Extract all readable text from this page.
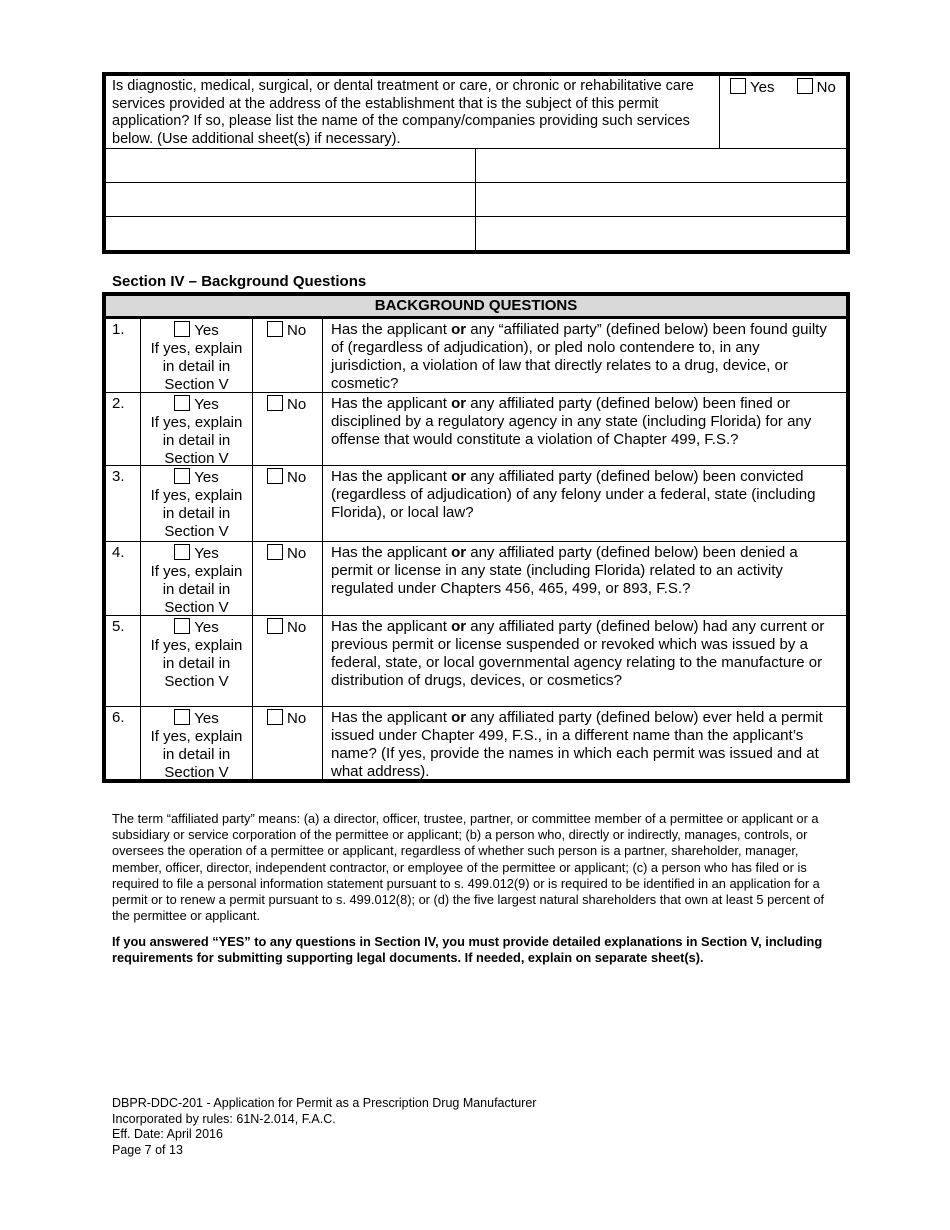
Is diagnostic, medical, surgical, or dental treatment or care, or chronic or rehabilitative care services provided at the address of the establishment that is the subject of this permit application? If so, please list the name of the company/companies providing such services below. (Use additional sheet(s) if necessary).
Yes	No
Section IV – Background Questions
BACKGROUND QUESTIONS
1.	Yes
If yes, explain
in detail in
Section V
No	Has the applicant or any “affiliated party” (defined below) been found guilty of (regardless of adjudication), or pled nolo contendere to, in any jurisdiction, a violation of law that directly relates to a drug, device, or cosmetic?
2.	Yes
If yes, explain
in detail in
Section V
No	Has the applicant or any affiliated party (defined below) been fined or disciplined by a regulatory agency in any state (including Florida) for any offense that would constitute a violation of Chapter 499, F.S.?
3.	Yes
If yes, explain
in detail in
Section V
No	Has the applicant or any affiliated party (defined below) been convicted (regardless of adjudication) of any felony under a federal, state (including Florida), or local law?
4.	Yes
If yes, explain
in detail in
Section V
No	Has the applicant or any affiliated party (defined below) been denied a permit or license in any state (including Florida) related to an activity regulated under Chapters 456, 465, 499, or 893, F.S.?
5.	Yes
If yes, explain
in detail in
Section V
No	Has the applicant or any affiliated party (defined below) had any current or previous permit or license suspended or revoked which was issued by a federal, state, or local governmental agency relating to the manufacture or distribution of drugs, devices, or cosmetics?
6.	Yes
If yes, explain
in detail in
Section V
No	Has the applicant or any affiliated party (defined below) ever held a permit issued under Chapter 499, F.S., in a different name than the applicant’s name? (If yes, provide the names in which each permit was issued and at what address).
The term “affiliated party” means: (a) a director, officer, trustee, partner, or committee member of a permittee or applicant or a subsidiary or service corporation of the permittee or applicant; (b) a person who, directly or indirectly, manages, controls, or oversees the operation of a permittee or applicant, regardless of whether such person is a partner, shareholder, manager, member, officer, director, independent contractor, or employee of the permittee or applicant; (c) a person who has filed or is required to file a personal information statement pursuant to s. 499.012(9) or is required to be identified in an application for a permit or to renew a permit pursuant to s. 499.012(8); or (d) the five largest natural shareholders that own at least 5 percent of the permittee or applicant.
If you answered “YES” to any questions in Section IV, you must provide detailed explanations in Section V, including requirements for submitting supporting legal documents. If needed, explain on separate sheet(s).
DBPR-DDC-201 - Application for Permit as a Prescription Drug Manufacturer
Incorporated by rules: 61N-2.014, F.A.C.
Eff. Date: April 2016
Page 7 of 13
